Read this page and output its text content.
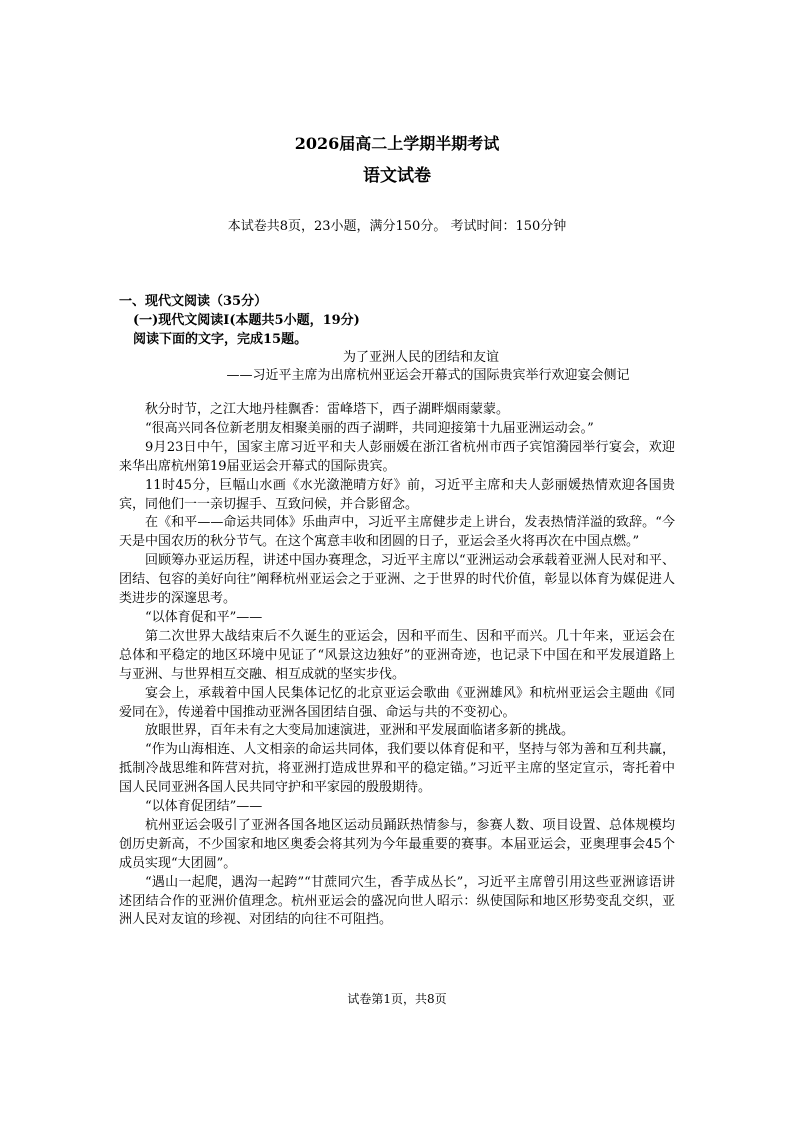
2026届高二上学期半期考试
语文试卷
本试卷共8页，23小题，满分150分。 考试时间：150分钟
一、现代文阅读（35分）
(一)现代文阅读Ⅰ(本题共5小题，19分)
阅读下面的文字，完成15题。
为了亚洲人民的团结和友谊
——习近平主席为出席杭州亚运会开幕式的国际贵宾举行欢迎宴会侧记

秋分时节，之江大地丹桂飘香：雷峰塔下，西子湖畔烟雨蒙蒙。

“很高兴同各位新老朋友相聚美丽的西子湖畔，共同迎接第十九届亚洲运动会。”

9月23日中午，国家主席习近平和夫人彭丽媛在浙江省杭州市西子宾馆漪园举行宴会，欢迎来华出席杭州第19届亚运会开幕式的国际贵宾。

11时45分，巨幅山水画《水光潋滟晴方好》前，习近平主席和夫人彭丽媛热情欢迎各国贵宾，同他们一一亲切握手、互致问候，并合影留念。

在《和平——命运共同体》乐曲声中，习近平主席健步走上讲台，发表热情洋溢的致辞。“今天是中国农历的秋分节气。在这个寓意丰收和团圆的日子，亚运会圣火将再次在中国点燃。”

回顾筹办亚运历程，讲述中国办赛理念，习近平主席以“亚洲运动会承载着亚洲人民对和平、团结、包容的美好向往”阐释杭州亚运会之于亚洲、之于世界的时代价值，彰显以体育为媒促进人类进步的深邃思考。

“以体育促和平”——

第二次世界大战结束后不久诞生的亚运会，因和平而生、因和平而兴。几十年来，亚运会在总体和平稳定的地区环境中见证了“风景这边独好”的亚洲奇迹，也记录下中国在和平发展道路上与亚洲、与世界相互交融、相互成就的坚实步伐。

宴会上，承载着中国人民集体记忆的北京亚运会歌曲《亚洲雄风》和杭州亚运会主题曲《同爱同在》，传递着中国推动亚洲各国团结自强、命运与共的不变初心。

放眼世界，百年未有之大变局加速演进，亚洲和平发展面临诸多新的挑战。

“作为山海相连、人文相亲的命运共同体，我们要以体育促和平，坚持与邻为善和互利共赢，抵制冷战思维和阵营对抗，将亚洲打造成世界和平的稳定锚。”习近平主席的坚定宣示，寄托着中国人民同亚洲各国人民共同守护和平家园的殷殷期待。

“以体育促团结”——

杭州亚运会吸引了亚洲各国各地区运动员踊跃热情参与，参赛人数、项目设置、总体规模均创历史新高，不少国家和地区奥委会将其列为今年最重要的赛事。本届亚运会，亚奥理事会45个成员实现“大团圆”。

“遇山一起爬，遇沟一起跨”“甘蔗同穴生，香芋成丛长”，习近平主席曾引用这些亚洲谚语讲述团结合作的亚洲价值理念。杭州亚运会的盛况向世人昭示：纵使国际和地区形势变乱交织，亚洲人民对友谊的珍视、对团结的向往不可阻挡。

试卷第1页，共8页
